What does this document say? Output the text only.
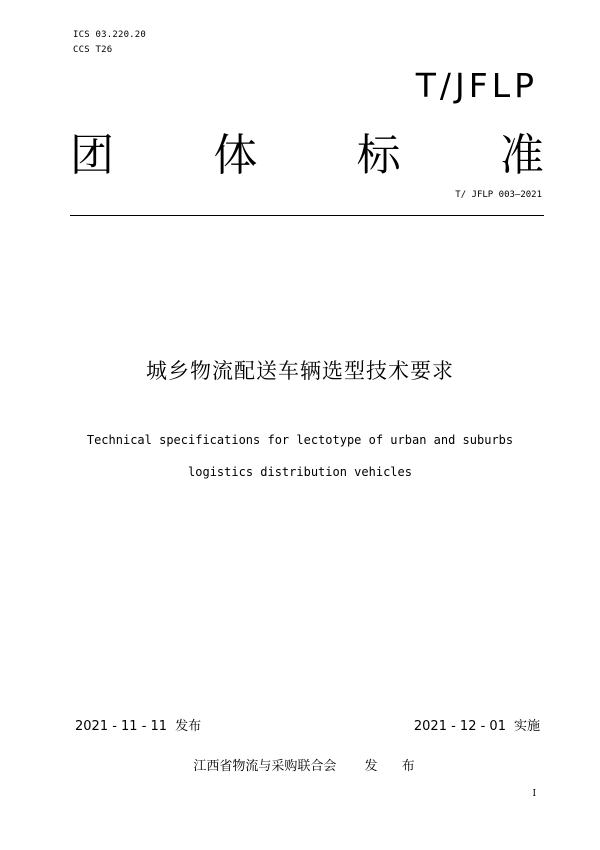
ICS 03.220.20
CCS T26
T/JFLP
团 体 标 准
T/ JFLP 003—2021
城乡物流配送车辆选型技术要求
Technical specifications for lectotype of urban and suburbs
logistics distribution vehicles
2021 - 11 - 11 发布	2021 - 12 - 01 实施
江西省物流与采购联合会 发 布
I
